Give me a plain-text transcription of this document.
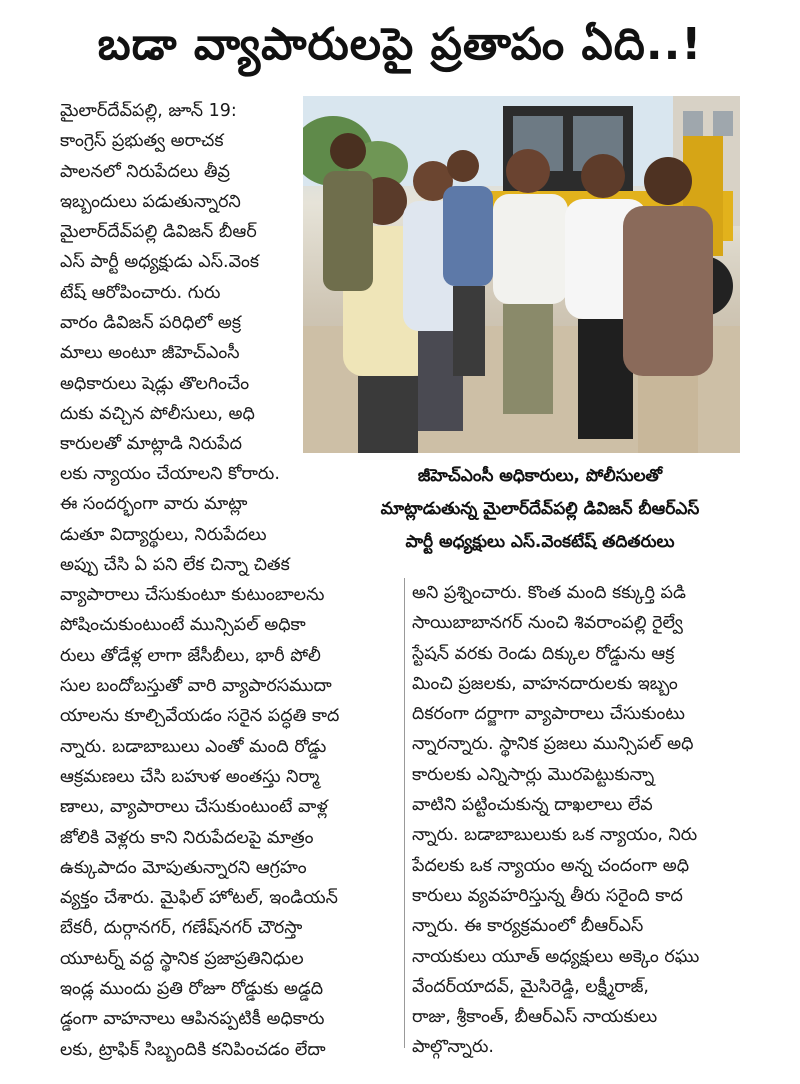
బడా వ్యాపారులపై ప్రతాపం ఏది..!
మైలార్‌దేవ్‌పల్లి, జూన్ 19:
కాంగ్రెస్ ప్రభుత్వ అరాచక
పాలనలో నిరుపేదలు తీవ్ర
ఇబ్బందులు పడుతున్నారని
మైలార్‌దేవ్‌పల్లి డివిజన్ బీఆర్
ఎస్ పార్టీ అధ్యక్షుడు ఎస్.వెంక
టేష్ ఆరోపించారు. గురు
వారం డివిజన్ పరిధిలో అక్ర
మాలు అంటూ జీహెచ్ఎంసీ
అధికారులు షెడ్లు తొలగించేం
దుకు వచ్చిన పోలీసులు, అధి
కారులతో మాట్లాడి నిరుపేద
జీహెచ్ఎంసీ అధికారులు, పోలీసులతో
మాట్లాడుతున్న మైలార్‌దేవ్‌పల్లి డివిజన్ బీఆర్ఎస్
పార్టీ అధ్యక్షులు ఎస్.వెంకటేష్ తదితరులు
లకు న్యాయం చేయాలని కోరారు.
ఈ సందర్భంగా వారు మాట్లా
డుతూ విద్యార్థులు, నిరుపేదలు
అప్పు చేసి ఏ పని లేక చిన్నా చితక
వ్యాపారాలు చేసుకుంటూ కుటుంబాలను
పోషించుకుంటుంటే మున్సిపల్ అధికా
రులు తోడేళ్ల లాగా జేసీబీలు, భారీ పోలీ
సుల బందోబస్తుతో వారి వ్యాపారసముదా
యాలను కూల్చివేయడం సరైన పద్ధతి కాద
న్నారు. బడాబాబులు ఎంతో మంది రోడ్డు
ఆక్రమణలు చేసి బహుళ అంతస్తు నిర్మా
ణాలు, వ్యాపారాలు చేసుకుంటుంటే వాళ్ల
జోలికి వెళ్లరు కాని నిరుపేదలపై మాత్రం
ఉక్కుపాదం మోపుతున్నారని ఆగ్రహం
వ్యక్తం చేశారు. మైఫిల్ హోటల్, ఇండియన్
బేకరీ, దుర్గానగర్, గణేష్‌నగర్ చౌరస్తా
యూటర్న్ వద్ద స్థానిక ప్రజాప్రతినిధుల
ఇండ్ల ముందు ప్రతి రోజూ రోడ్డుకు అడ్డది
డ్డంగా వాహనాలు ఆపినప్పటికీ అధికారు
లకు, ట్రాఫిక్ సిబ్బందికి కనిపించడం లేదా
అని ప్రశ్నించారు. కొంత మంది కక్కుర్తి పడి
సాయిబాబానగర్ నుంచి శివరాంపల్లి రైల్వే
స్టేషన్ వరకు రెండు దిక్కుల రోడ్డును ఆక్ర
మించి ప్రజలకు, వాహనదారులకు ఇబ్బం
దికరంగా దర్జాగా వ్యాపారాలు చేసుకుంటు
న్నారన్నారు. స్థానిక ప్రజలు మున్సిపల్ అధి
కారులకు ఎన్నిసార్లు మొరపెట్టుకున్నా
వాటిని పట్టించుకున్న దాఖలాలు లేవ
న్నారు. బడాబాబులుకు ఒక న్యాయం, నిరు
పేదలకు ఒక న్యాయం అన్న చందంగా అధి
కారులు వ్యవహరిస్తున్న తీరు సరైంది కాద
న్నారు. ఈ కార్యక్రమంలో బీఆర్ఎస్
నాయకులు యూత్ అధ్యక్షులు అక్కెం రఘు
వేందర్‌యాదవ్, మైసిరెడ్డి, లక్ష్మీరాజ్,
రాజు, శ్రీకాంత్, బీఆర్ఎస్ నాయకులు
పాల్గొన్నారు.
